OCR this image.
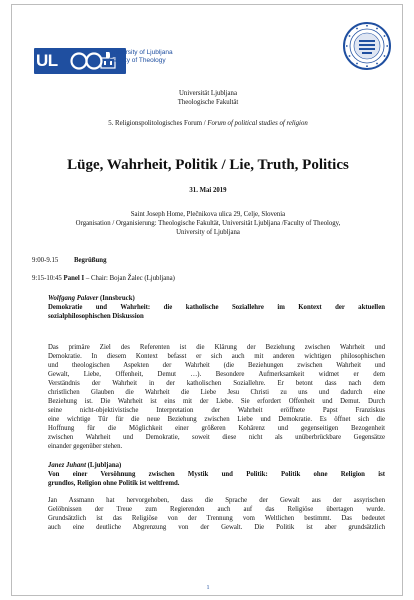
UL	University of Ljubljana
Faculty of Theology
Universität Ljubljana
Theologische Fakultät
5. Religionspolitologisches Forum / Forum of political studies of religion
Lüge, Wahrheit, Politik / Lie, Truth, Politics
31. Mai 2019
Saint Joseph Home, Plečnikova ulica 29, Celje, Slovenia
Organisation / Organisierung: Theologische Fakultät, Universität Ljubljana /Faculty of Theology,
University of Ljubljana
9:00-9.15 Begrüßung
9:15-10:45 Panel I – Chair: Bojan Žalec (Ljubljana)
Wolfgang Palaver (Innsbruck)
Demokratie und Wahrheit: die katholische Soziallehre im Kontext der aktuellen
sozialphilosophischen Diskussion
Das primäre Ziel des Referenten ist die Klärung der Beziehung zwischen Wahrheit und
Demokratie. In diesem Kontext befasst er sich auch mit anderen wichtigen philosophischen
und theologischen Aspekten der Wahrheit (die Beziehungen zwischen Wahrheit und
Gewalt, Liebe, Offenheit, Demut …). Besondere Aufmerksamkeit widmet er dem
Verständnis der Wahrheit in der katholischen Soziallehre. Er betont dass nach dem
christlichen Glauben die Wahrheit die Liebe Jesu Christi zu uns und dadurch eine
Beziehung ist. Die Wahrheit ist eins mit der Liebe. Sie erfordert Offenheit und Demut. Durch
seine nicht-objektivistische Interpretation der Wahrheit eröffnete Papst Franziskus
eine wichtige Tür für die neue Beziehung zwischen Liebe und Demokratie. Es öffnet sich die
Hoffnung für die Möglichkeit einer größeren Kohärenz und gegenseitigen Bezogenheit
zwischen Wahrheit und Demokratie, soweit diese nicht als unüberbrückbare Gegensätze
einander gegenüber stehen.
Janez Juhant (Ljubljana)
Von einer Versöhnung zwischen Mystik und Politik: Politik ohne Religion ist
grundlos, Religion ohne Politik ist weltfremd.
Jan Assmann hat hervorgehoben, dass die Sprache der Gewalt aus der assyrischen
Gelöbnissen der Treue zum Regierenden auch auf das Religiöse übertagen wurde.
Grundsätzlich ist das Religiöse von der Trennung vom Weltlichen bestimmt. Das bedeutet
auch eine deutliche Abgrenzung von der Gewalt. Die Politik ist aber grundsätzlich
1
